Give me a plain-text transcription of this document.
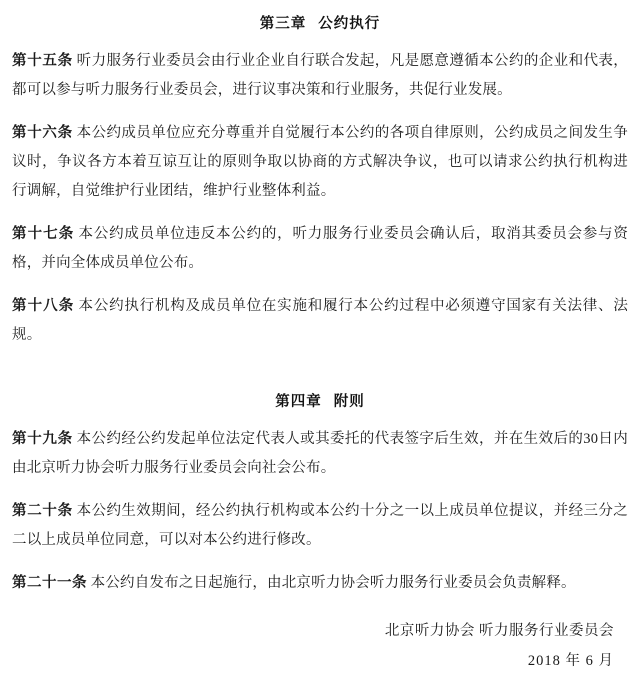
第三章 公约执行

第十五条 听力服务行业委员会由行业企业自行联合发起，凡是愿意遵循本公约的企业和代表，都可以参与听力服务行业委员会，进行议事决策和行业服务，共促行业发展。

第十六条 本公约成员单位应充分尊重并自觉履行本公约的各项自律原则，公约成员之间发生争议时，争议各方本着互谅互让的原则争取以协商的方式解决争议，也可以请求公约执行机构进行调解，自觉维护行业团结，维护行业整体利益。

第十七条 本公约成员单位违反本公约的，听力服务行业委员会确认后，取消其委员会参与资格，并向全体成员单位公布。

第十八条 本公约执行机构及成员单位在实施和履行本公约过程中必须遵守国家有关法律、法规。

第四章 附则

第十九条 本公约经公约发起单位法定代表人或其委托的代表签字后生效，并在生效后的30日内由北京听力协会听力服务行业委员会向社会公布。

第二十条 本公约生效期间，经公约执行机构或本公约十分之一以上成员单位提议，并经三分之二以上成员单位同意，可以对本公约进行修改。

第二十一条 本公约自发布之日起施行，由北京听力协会听力服务行业委员会负责解释。

北京听力协会 听力服务行业委员会
2018 年 6 月
